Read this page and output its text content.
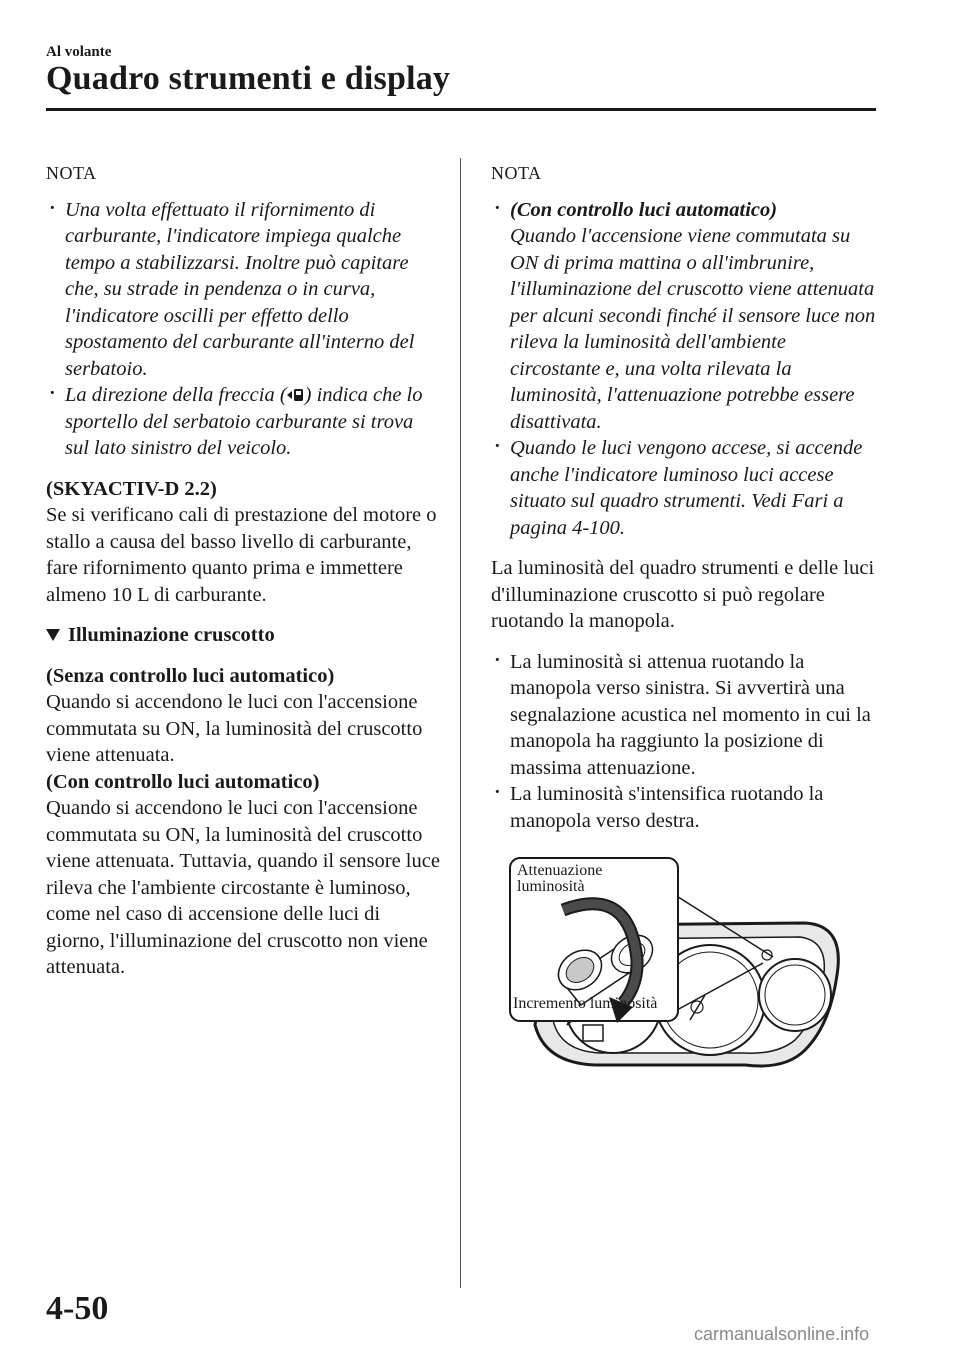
Al volante
Quadro strumenti e display
NOTA
· Una volta effettuato il rifornimento di carburante, l'indicatore impiega qualche tempo a stabilizzarsi. Inoltre può capitare che, su strade in pendenza o in curva, l'indicatore oscilli per effetto dello spostamento del carburante all'interno del serbatoio.
· La direzione della freccia ( ) indica che lo sportello del serbatoio carburante si trova sul lato sinistro del veicolo.

(SKYACTIV-D 2.2)

Se si verificano cali di prestazione del motore o stallo a causa del basso livello di carburante, fare rifornimento quanto prima e immettere almeno 10 L di carburante.

Illuminazione cruscotto

(Senza controllo luci automatico)

Quando si accendono le luci con l'accensione commutata su ON, la luminosità del cruscotto viene attenuata.

(Con controllo luci automatico)

Quando si accendono le luci con l'accensione commutata su ON, la luminosità del cruscotto viene attenuata. Tuttavia, quando il sensore luce rileva che l'ambiente circostante è luminoso, come nel caso di accensione delle luci di giorno, l'illuminazione del cruscotto non viene attenuata.

NOTA
· (Con controllo luci automatico)
Quando l'accensione viene commutata su ON di prima mattina o all'imbrunire, l'illuminazione del cruscotto viene attenuata per alcuni secondi finché il sensore luce non rileva la luminosità dell'ambiente circostante e, una volta rilevata la luminosità, l'attenuazione potrebbe essere disattivata.
· Quando le luci vengono accese, si accende anche l'indicatore luminoso luci accese situato sul quadro strumenti. Vedi Fari a pagina 4-100.

La luminosità del quadro strumenti e delle luci d'illuminazione cruscotto si può regolare ruotando la manopola.

· La luminosità si attenua ruotando la manopola verso sinistra. Si avvertirà una segnalazione acustica nel momento in cui la manopola ha raggiunto la posizione di massima attenuazione.
· La luminosità s'intensifica ruotando la manopola verso destra.
Attenuazione
luminosità
Incremento luminosità
4-50
carmanualsonline.info
